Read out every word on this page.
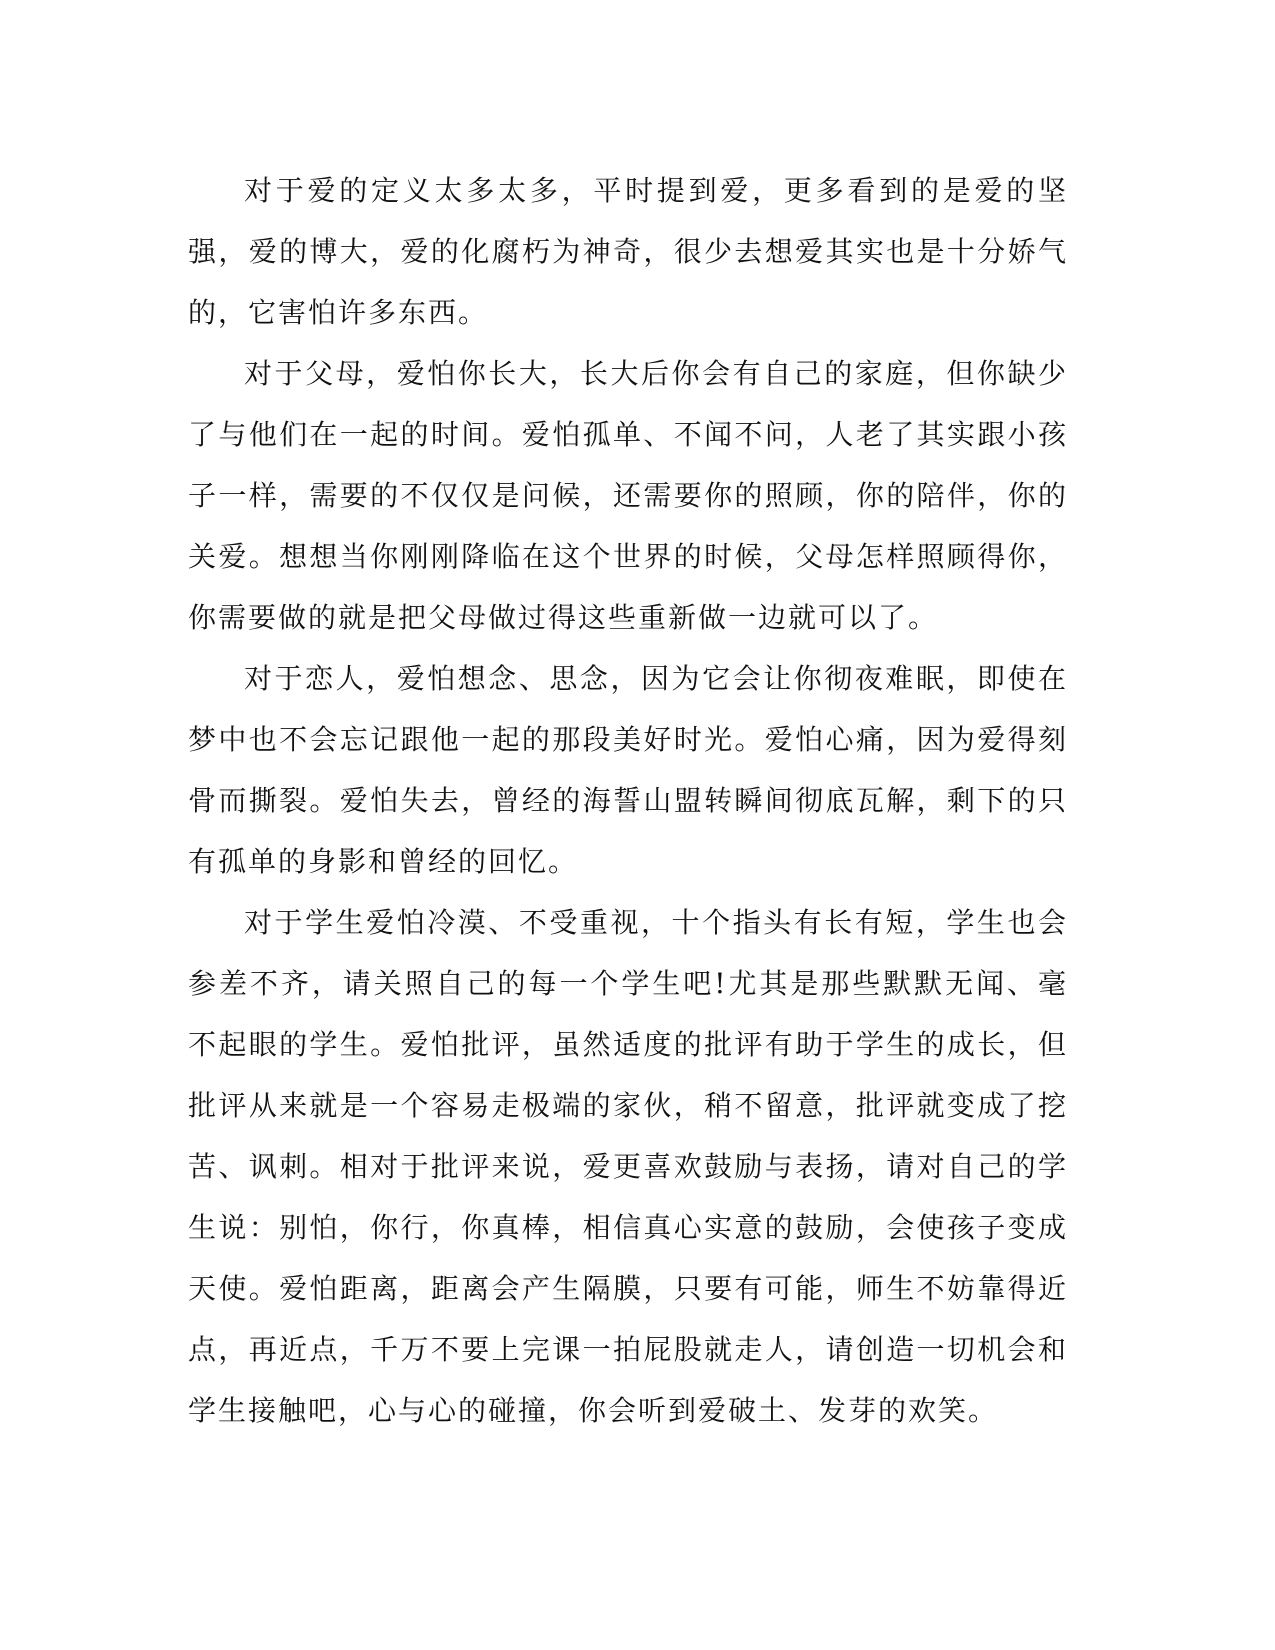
对于爱的定义太多太多，平时提到爱，更多看到的是爱的坚强，爱的博大，爱的化腐朽为神奇，很少去想爱其实也是十分娇气的，它害怕许多东西。

对于父母，爱怕你长大，长大后你会有自己的家庭，但你缺少了与他们在一起的时间。爱怕孤单、不闻不问，人老了其实跟小孩子一样，需要的不仅仅是问候，还需要你的照顾，你的陪伴，你的关爱。想想当你刚刚降临在这个世界的时候，父母怎样照顾得你，你需要做的就是把父母做过得这些重新做一边就可以了。

对于恋人，爱怕想念、思念，因为它会让你彻夜难眠，即使在梦中也不会忘记跟他一起的那段美好时光。爱怕心痛，因为爱得刻骨而撕裂。爱怕失去，曾经的海誓山盟转瞬间彻底瓦解，剩下的只有孤单的身影和曾经的回忆。

对于学生爱怕冷漠、不受重视，十个指头有长有短，学生也会参差不齐，请关照自己的每一个学生吧!尤其是那些默默无闻、毫不起眼的学生。爱怕批评，虽然适度的批评有助于学生的成长，但批评从来就是一个容易走极端的家伙，稍不留意，批评就变成了挖苦、讽刺。相对于批评来说，爱更喜欢鼓励与表扬，请对自己的学生说：别怕，你行，你真棒，相信真心实意的鼓励，会使孩子变成天使。爱怕距离，距离会产生隔膜，只要有可能，师生不妨靠得近点，再近点，千万不要上完课一拍屁股就走人，请创造一切机会和学生接触吧，心与心的碰撞，你会听到爱破土、发芽的欢笑。
